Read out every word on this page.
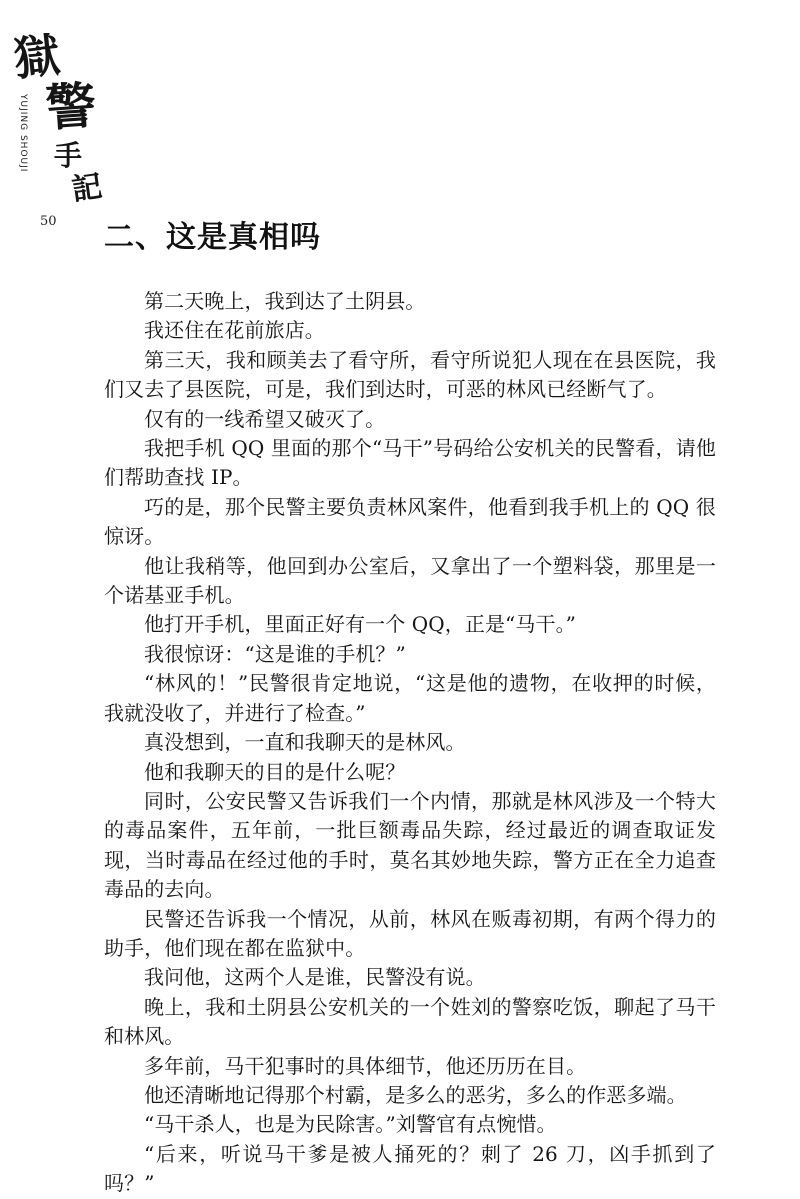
獄
警
手
記
YUJING SHOUJI
50 二、这是真相吗

第二天晚上，我到达了土阴县。

我还住在花前旅店。

第三天，我和顾美去了看守所，看守所说犯人现在在县医院，我们又去了县医院，可是，我们到达时，可恶的林风已经断气了。

仅有的一线希望又破灭了。

我把手机 QQ 里面的那个“马干”号码给公安机关的民警看，请他们帮助查找 IP。

巧的是，那个民警主要负责林风案件，他看到我手机上的 QQ 很惊讶。

他让我稍等，他回到办公室后，又拿出了一个塑料袋，那里是一个诺基亚手机。

他打开手机，里面正好有一个 QQ，正是“马干。”

我很惊讶：“这是谁的手机？”

“林风的！”民警很肯定地说，“这是他的遗物，在收押的时候，我就没收了，并进行了检查。”

真没想到，一直和我聊天的是林风。

他和我聊天的目的是什么呢？

同时，公安民警又告诉我们一个内情，那就是林风涉及一个特大的毒品案件，五年前，一批巨额毒品失踪，经过最近的调查取证发现，当时毒品在经过他的手时，莫名其妙地失踪，警方正在全力追查毒品的去向。

民警还告诉我一个情况，从前，林风在贩毒初期，有两个得力的助手，他们现在都在监狱中。

我问他，这两个人是谁，民警没有说。

晚上，我和土阴县公安机关的一个姓刘的警察吃饭，聊起了马干和林风。

多年前，马干犯事时的具体细节，他还历历在目。

他还清晰地记得那个村霸，是多么的恶劣，多么的作恶多端。

“马干杀人，也是为民除害。”刘警官有点惋惜。

“后来，听说马干爹是被人捅死的？刺了 26 刀，凶手抓到了吗？”
